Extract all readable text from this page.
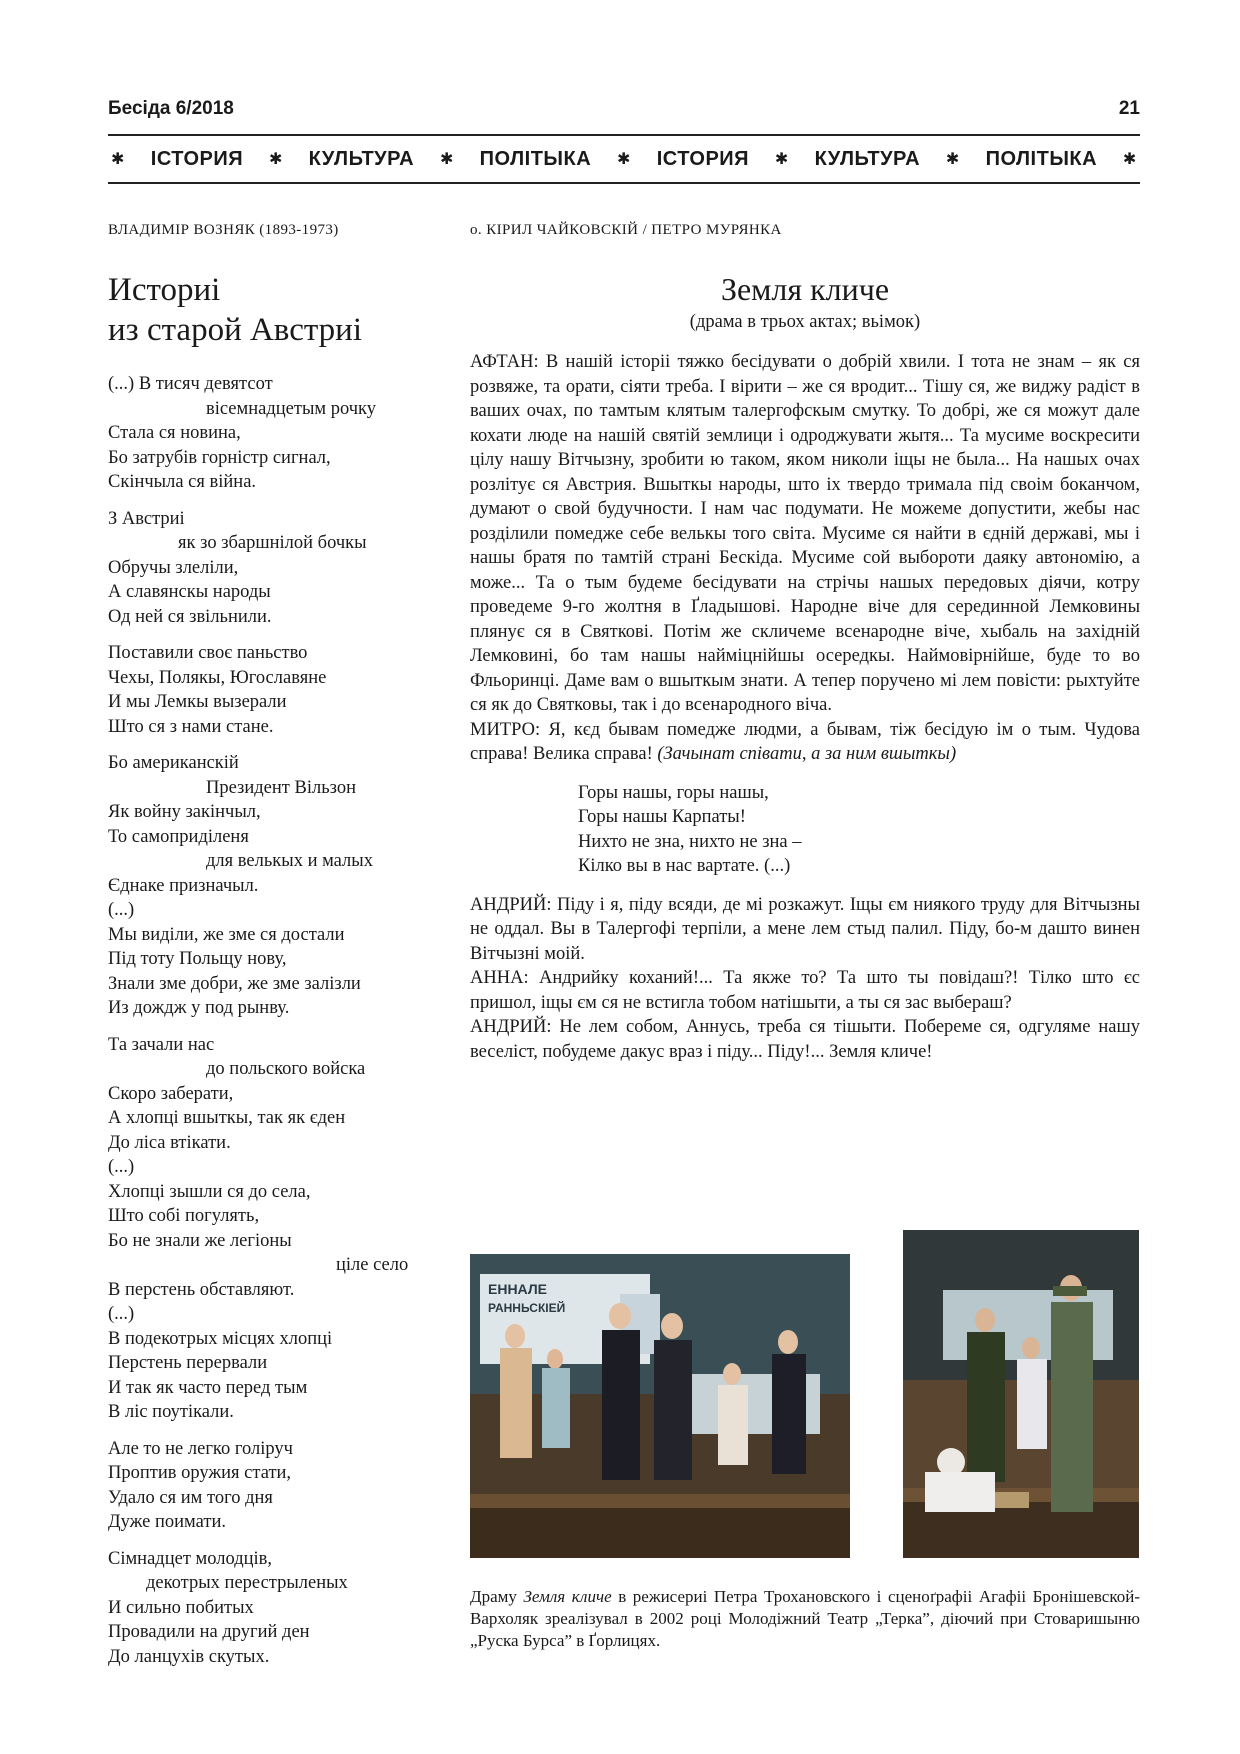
Бесіда 6/2018	21
✱ ІСТОРИЯ ✱ КУЛЬТУРА ✱ ПОЛІТЫКА ✱ ІСТОРИЯ ✱ КУЛЬТУРА ✱ ПОЛІТЫКА ✱
ВЛАДИМІР ВОЗНЯК (1893-1973)
Историі
из старой Австриі
(...) В тисяч девятсот
вісемнадцетым рочку
Стала ся новина,
Бо затрубів горністр сигнал,
Скінчыла ся війна.
З Австриі
як зо збаршнілой бочкы
Обручы злеліли,
А славянскы народы
Од ней ся звільнили.
Поставили своє паньство
Чехы, Полякы, Югославяне
И мы Лемкы вызерали
Што ся з нами стане.
Бо американскій
Президент Вільзон
Як войну закінчыл,
То самоприділеня
для велькых и малых
Єднаке призначыл.
(...)
Мы виділи, же зме ся достали
Під тоту Польщу нову,
Знали зме добри, же зме залізли
Из дождж у под рынву.
Та зачали нас
до польского войска
Скоро заберати,
А хлопці вшыткы, так як єден
До ліса втікати.
(...)
Хлопці зышли ся до села,
Што собі погулять,
Бо не знали же легіоны
ціле село
В перстень обставляют.
(...)
В подекотрых місцях хлопці
Перстень перервали
И так як часто перед тым
В ліс поутікали.
Але то не легко голіруч
Проптив оружия стати,
Удало ся им того дня
Дуже поимати.
Сімнадцет молодців,
декотрых перестрыленых
И сильно побитых
Провадили на другий ден
До ланцухів скутых.
о. КІРИЛ ЧАЙКОВСКІЙ / ПЕТРО МУРЯНКА
Земля кличе
(драма в трьох актах; вьімок)

АФТАН: В нашій історіі тяжко бесідувати о добрій хвили. І тота не знам – як ся розвяже, та орати, сіяти треба. І вірити – же ся вродит... Тішу ся, же виджу радіст в ваших очах, по тамтым клятым талергофскым смутку. То добрі, же ся можут далe кохати люде на нашій святій землици і одроджувати жытя... Та мусиме воскресити цілу нашу Вітчызну, зробити ю таком, якoм николи іщы не была... На нашых очах розлітує ся Австрия. Вшыткы народы, што іх твердо тримала під своім боканчом, думают о свой будучности. І нам час подумати. Не можеме допустити, жебы нас розділили помедже себе велькы того світа. Мусиме ся найти в єдній державі, мы і нашы братя по тамтій страні Бескіда. Мусиме сой выбороти даяку автономію, а може... Та о тым будеме бесідувати на стрічы нашых передовых діячи, котру проведеме 9-го жолтня в Ґладышові. Народне віче для серединной Лемковины плянує ся в Святкові. Потім же скличеме всенародне віче, хыбаль на західній Лемковині, бо там нашы найміцнійшы осередкы. Наймовірнійше, буде то во Фльоринці. Даме вам о вшыткым знати. А тепер поручено мі лем повісти: рыхтуйте ся як до Святковы, так і до всенародного віча.

МИТРО: Я, кєд бывам помедже людми, а бывам, тіж бесідую ім о тым. Чудова справа! Велика справа! (Зачынат співати, а за ним вшыткы)

Горы нашы, горы нашы,
Горы нашы Карпаты!
Нихто не зна, нихто не зна –
Кілко вы в нас вартате. (...)

АНДРИЙ: Піду і я, піду всяди, де мі розкажут. Іщы єм ниякого труду для Вітчызны не оддал. Вы в Талергофі терпіли, а мене лем стыд палил. Піду, бо-м дашто винен Вітчызні моій.

АННА: Андрийку коханий!... Та якже то? Та што ты повідаш?! Тілко што єс пришол, іщы єм ся не встигла тобом натішыти, а ты ся зас выбераш?

АНДРИЙ: Не лем собом, Аннусь, треба ся тішыти. Побереме ся, одгуляме нашу веселіст, побудеме дакус враз і піду... Піду!... Земля кличе!

ЕННАЛЕ
РАННЬСКІЕЙ
Драму Земля кличе в режисериі Петра Трохановского і сценоґрафіі Агафіі Бронішевской-Вархоляк зреалізувал в 2002 році Молодіжний Театр „Терка”, діючий при Стоваришыню „Руска Бурса” в Ґорлицях.
